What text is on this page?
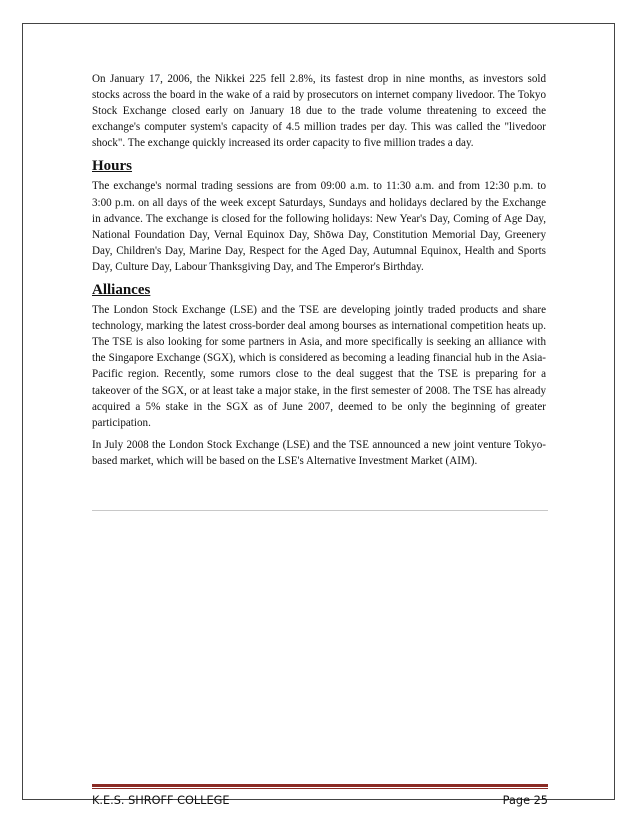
On January 17, 2006, the Nikkei 225 fell 2.8%, its fastest drop in nine months, as investors sold stocks across the board in the wake of a raid by prosecutors on internet company livedoor. The Tokyo Stock Exchange closed early on January 18 due to the trade volume threatening to exceed the exchange's computer system's capacity of 4.5 million trades per day. This was called the "livedoor shock". The exchange quickly increased its order capacity to five million trades a day.

Hours

The exchange's normal trading sessions are from 09:00 a.m. to 11:30 a.m. and from 12:30 p.m. to 3:00 p.m. on all days of the week except Saturdays, Sundays and holidays declared by the Exchange in advance. The exchange is closed for the following holidays: New Year's Day, Coming of Age Day, National Foundation Day, Vernal Equinox Day, Shōwa Day, Constitution Memorial Day, Greenery Day, Children's Day, Marine Day, Respect for the Aged Day, Autumnal Equinox, Health and Sports Day, Culture Day, Labour Thanksgiving Day, and The Emperor's Birthday.

Alliances

The London Stock Exchange (LSE) and the TSE are developing jointly traded products and share technology, marking the latest cross-border deal among bourses as international competition heats up. The TSE is also looking for some partners in Asia, and more specifically is seeking an alliance with the Singapore Exchange (SGX), which is considered as becoming a leading financial hub in the Asia-Pacific region. Recently, some rumors close to the deal suggest that the TSE is preparing for a takeover of the SGX, or at least take a major stake, in the first semester of 2008. The TSE has already acquired a 5% stake in the SGX as of June 2007, deemed to be only the beginning of greater participation.

In July 2008 the London Stock Exchange (LSE) and the TSE announced a new joint venture Tokyo-based market, which will be based on the LSE's Alternative Investment Market (AIM).

K.E.S. SHROFF COLLEGE	Page 25
